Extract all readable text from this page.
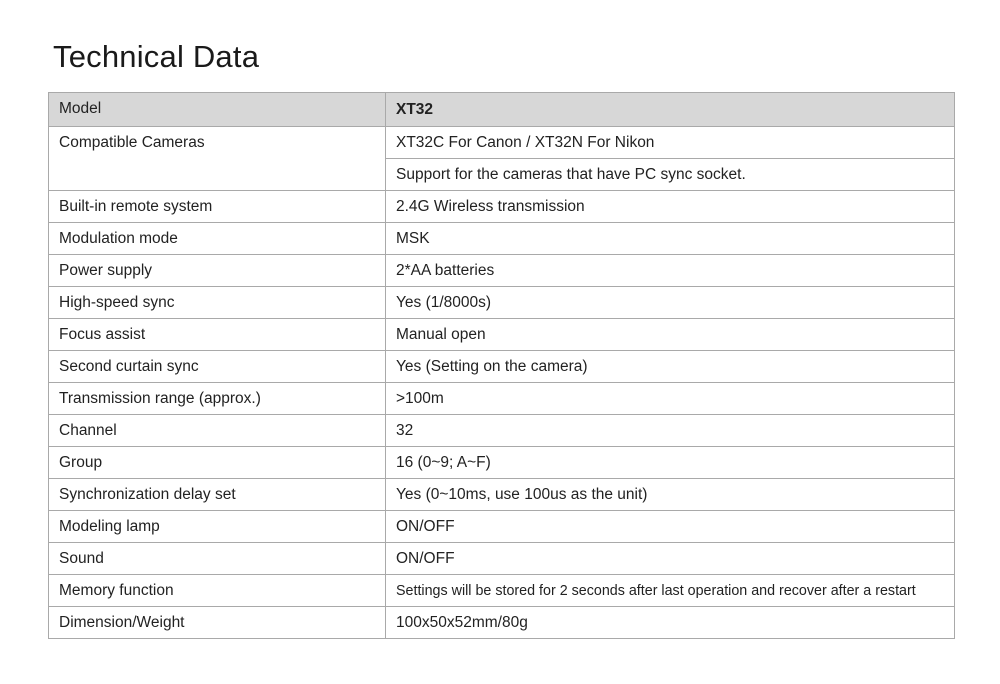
Technical Data
Model	XT32
Compatible Cameras	XT32C For Canon / XT32N For Nikon
	Support for the cameras that have PC sync socket.
Built-in remote system	2.4G Wireless transmission
Modulation mode	MSK
Power supply	2*AA batteries
High-speed sync	Yes (1/8000s)
Focus assist	Manual open
Second curtain sync	Yes (Setting on the camera)
Transmission range (approx.)	>100m
Channel	32
Group	16 (0~9; A~F)
Synchronization delay set	Yes (0~10ms, use 100us as the unit)
Modeling lamp	ON/OFF
Sound	ON/OFF
Memory function	Settings will be stored for 2 seconds after last operation and recover after a restart
Dimension/Weight	100x50x52mm/80g
